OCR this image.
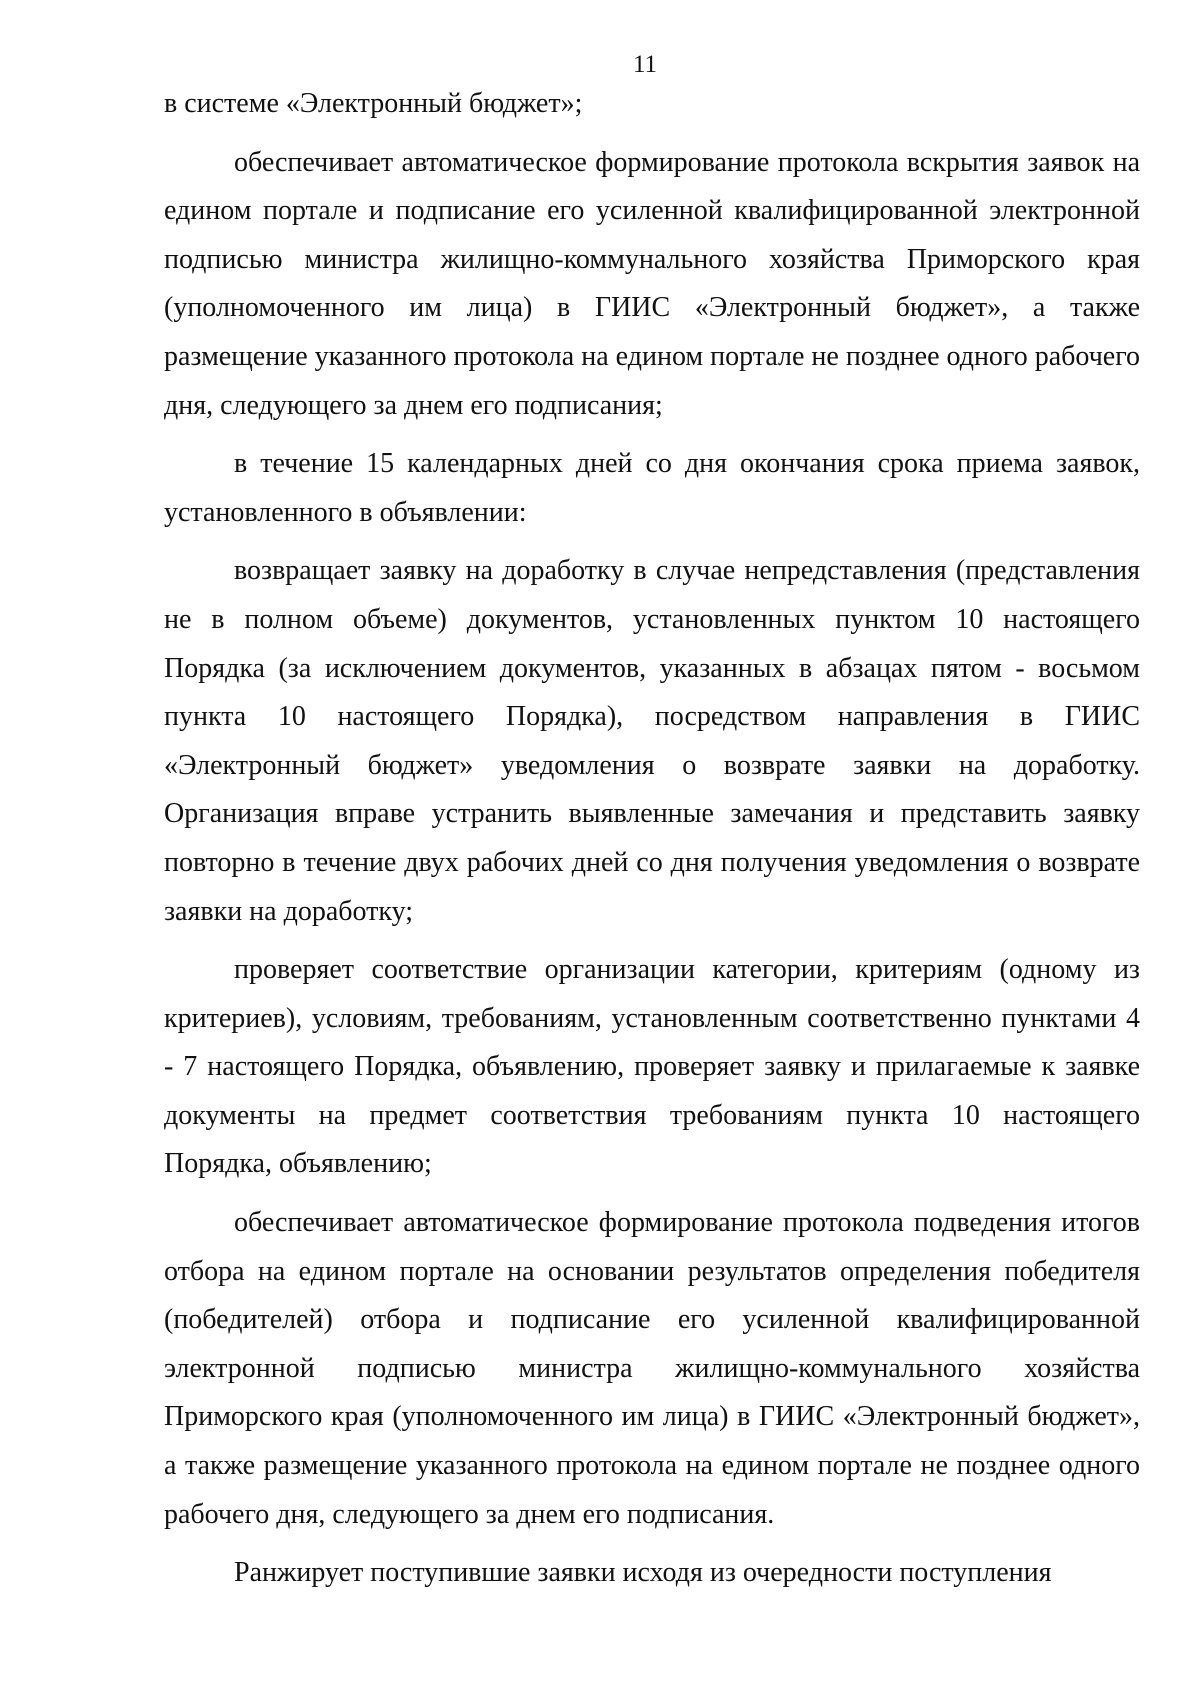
11

в системе «Электронный бюджет»;

обеспечивает автоматическое формирование протокола вскрытия заявок на едином портале и подписание его усиленной квалифицированной электронной подписью министра жилищно-коммунального хозяйства Приморского края (уполномоченного им лица) в ГИИС «Электронный бюджет», а также размещение указанного протокола на едином портале не позднее одного рабочего дня, следующего за днем его подписания;

в течение 15 календарных дней со дня окончания срока приема заявок, установленного в объявлении:

возвращает заявку на доработку в случае непредставления (представления не в полном объеме) документов, установленных пунктом 10 настоящего Порядка (за исключением документов, указанных в абзацах пятом - восьмом пункта 10 настоящего Порядка), посредством направления в ГИИС «Электронный бюджет» уведомления о возврате заявки на доработку. Организация вправе устранить выявленные замечания и представить заявку повторно в течение двух рабочих дней со дня получения уведомления о возврате заявки на доработку;

проверяет соответствие организации категории, критериям (одному из критериев), условиям, требованиям, установленным соответственно пунктами 4 - 7 настоящего Порядка, объявлению, проверяет заявку и прилагаемые к заявке документы на предмет соответствия требованиям пункта 10 настоящего Порядка, объявлению;

обеспечивает автоматическое формирование протокола подведения итогов отбора на едином портале на основании результатов определения победителя (победителей) отбора и подписание его усиленной квалифицированной электронной подписью министра жилищно-коммунального хозяйства Приморского края (уполномоченного им лица) в ГИИС «Электронный бюджет», а также размещение указанного протокола на едином портале не позднее одного рабочего дня, следующего за днем его подписания.

Ранжирует поступившие заявки исходя из очередности поступления
